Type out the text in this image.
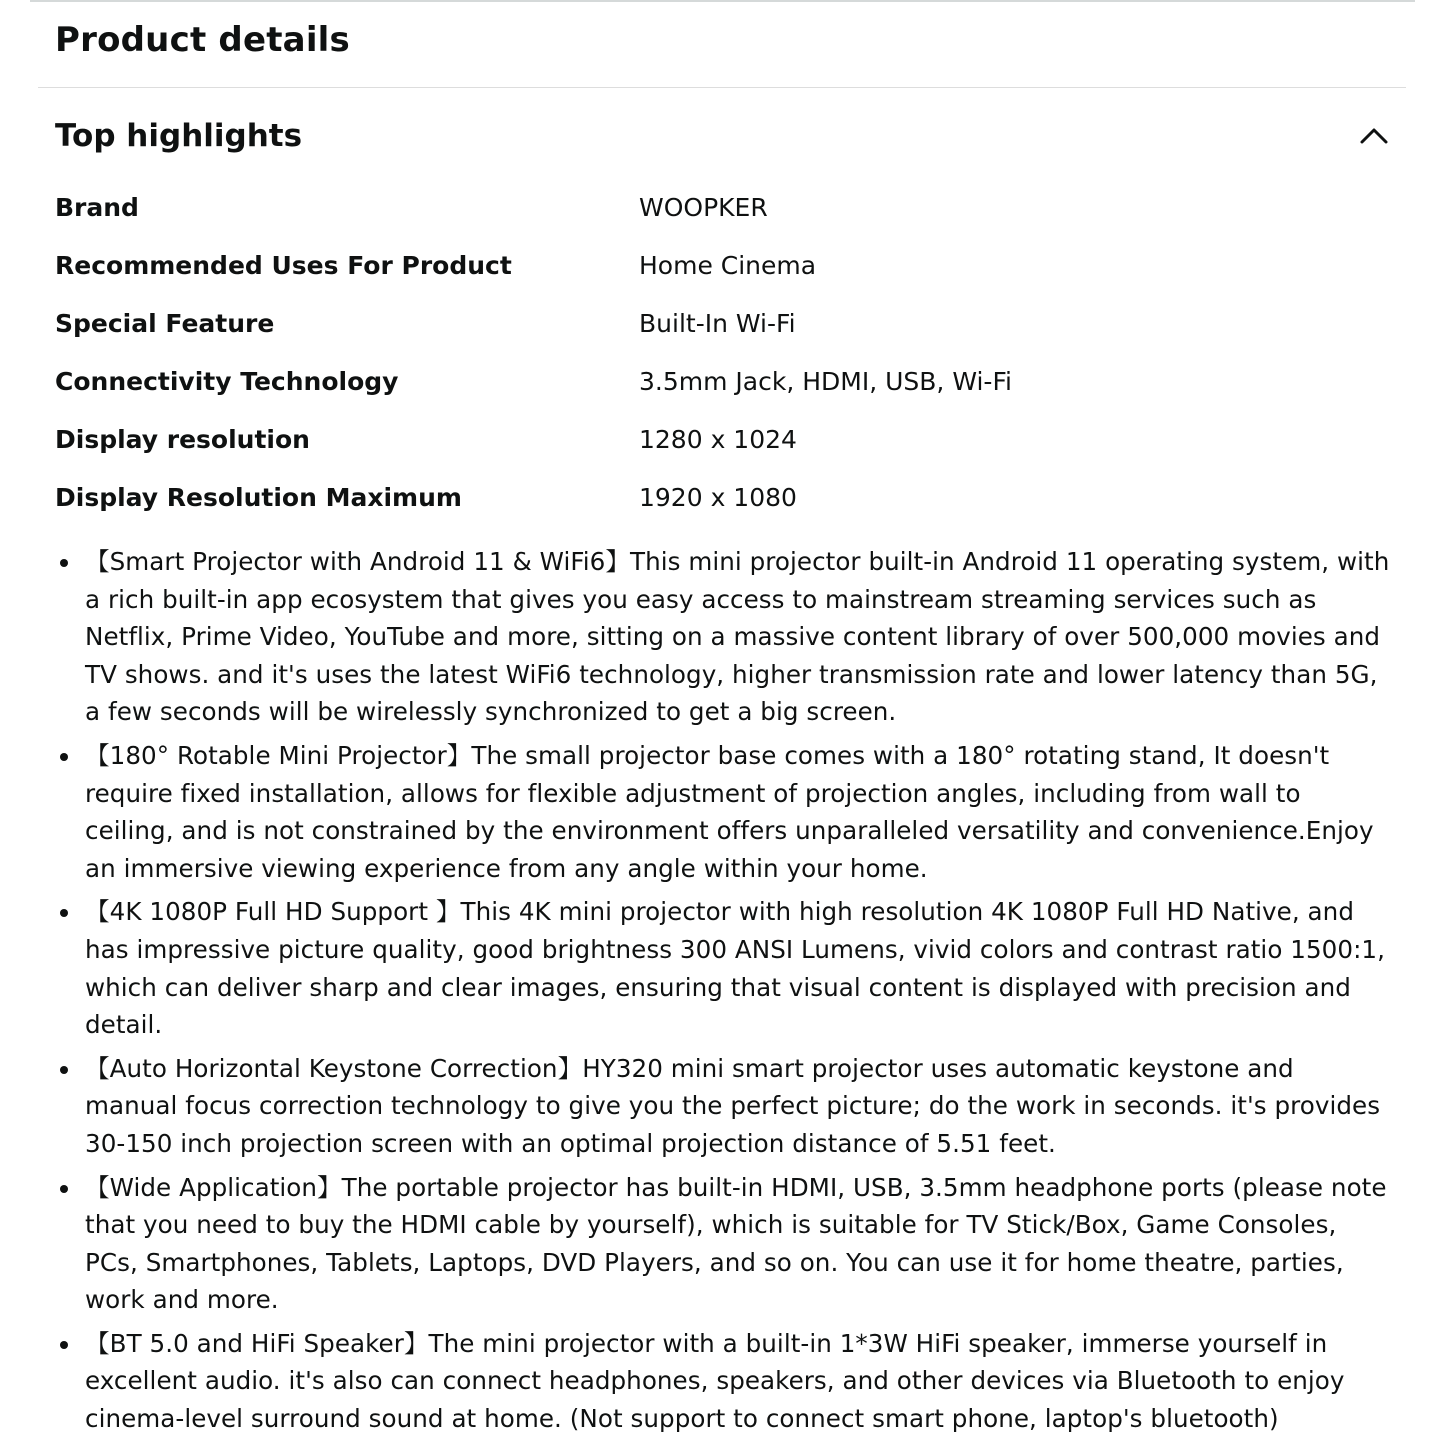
Product details
Top highlights
Brand	WOOPKER
Recommended Uses For Product	Home Cinema
Special Feature	Built-In Wi-Fi
Connectivity Technology	3.5mm Jack, HDMI, USB, Wi-Fi
Display resolution	1280 x 1024
Display Resolution Maximum	1920 x 1080
【Smart Projector with Android 11 & WiFi6】This mini projector built-in Android 11 operating system, with a rich built-in app ecosystem that gives you easy access to mainstream streaming services such as Netflix, Prime Video, YouTube and more, sitting on a massive content library of over 500,000 movies and TV shows. and it's uses the latest WiFi6 technology, higher transmission rate and lower latency than 5G, a few seconds will be wirelessly synchronized to get a big screen.
【180° Rotable Mini Projector】The small projector base comes with a 180° rotating stand, It doesn't require fixed installation, allows for flexible adjustment of projection angles, including from wall to ceiling, and is not constrained by the environment offers unparalleled versatility and convenience.Enjoy an immersive viewing experience from any angle within your home.
【4K 1080P Full HD Support 】This 4K mini projector with high resolution 4K 1080P Full HD Native, and has impressive picture quality, good brightness 300 ANSI Lumens, vivid colors and contrast ratio 1500:1, which can deliver sharp and clear images, ensuring that visual content is displayed with precision and detail.
【Auto Horizontal Keystone Correction】HY320 mini smart projector uses automatic keystone and manual focus correction technology to give you the perfect picture; do the work in seconds. it's provides 30-150 inch projection screen with an optimal projection distance of 5.51 feet.
【Wide Application】The portable projector has built-in HDMI, USB, 3.5mm headphone ports (please note that you need to buy the HDMI cable by yourself), which is suitable for TV Stick/Box, Game Consoles, PCs, Smartphones, Tablets, Laptops, DVD Players, and so on. You can use it for home theatre, parties, work and more.
【BT 5.0 and HiFi Speaker】The mini projector with a built-in 1*3W HiFi speaker, immerse yourself in excellent audio. it's also can connect headphones, speakers, and other devices via Bluetooth to enjoy cinema-level surround sound at home. (Not support to connect smart phone, laptop's bluetooth)
